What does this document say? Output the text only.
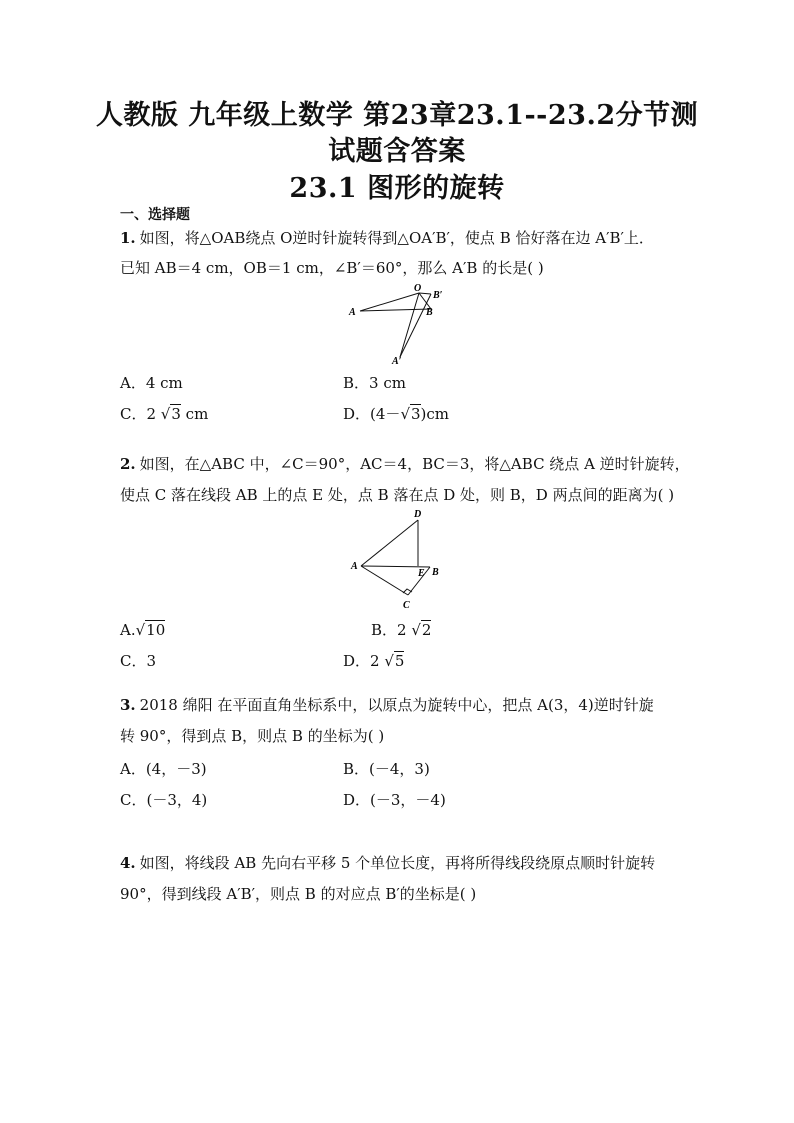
人教版 九年级上数学 第23章23.1--23.2分节测
试题含答案
23.1 图形的旋转
一、选择题
1. 如图，将△OAB绕点 O逆时针旋转得到△OA′B′，使点 B 恰好落在边 A′B′上．
已知 AB＝4 cm，OB＝1 cm，∠B′＝60°，那么 A′B 的长是( )
A
O
B′
B
A′
A．4 cm	B．3 cm
C．2 √3 cm	D．(4－√3)cm
2. 如图，在△ABC 中，∠C＝90°，AC＝4，BC＝3，将△ABC 绕点 A 逆时针旋转，
使点 C 落在线段 AB 上的点 E 处，点 B 落在点 D 处，则 B，D 两点间的距离为( )
D
A
E B
C
A.√10	B．2 √2
C．3	D．2 √5
3. 2018 绵阳 在平面直角坐标系中，以原点为旋转中心，把点 A(3，4)逆时针旋
转 90°，得到点 B，则点 B 的坐标为( )
A．(4，－3)	B．(－4，3)
C．(－3，4)	D．(－3，－4)
4. 如图，将线段 AB 先向右平移 5 个单位长度，再将所得线段绕原点顺时针旋转
90°，得到线段 A′B′，则点 B 的对应点 B′的坐标是( )
